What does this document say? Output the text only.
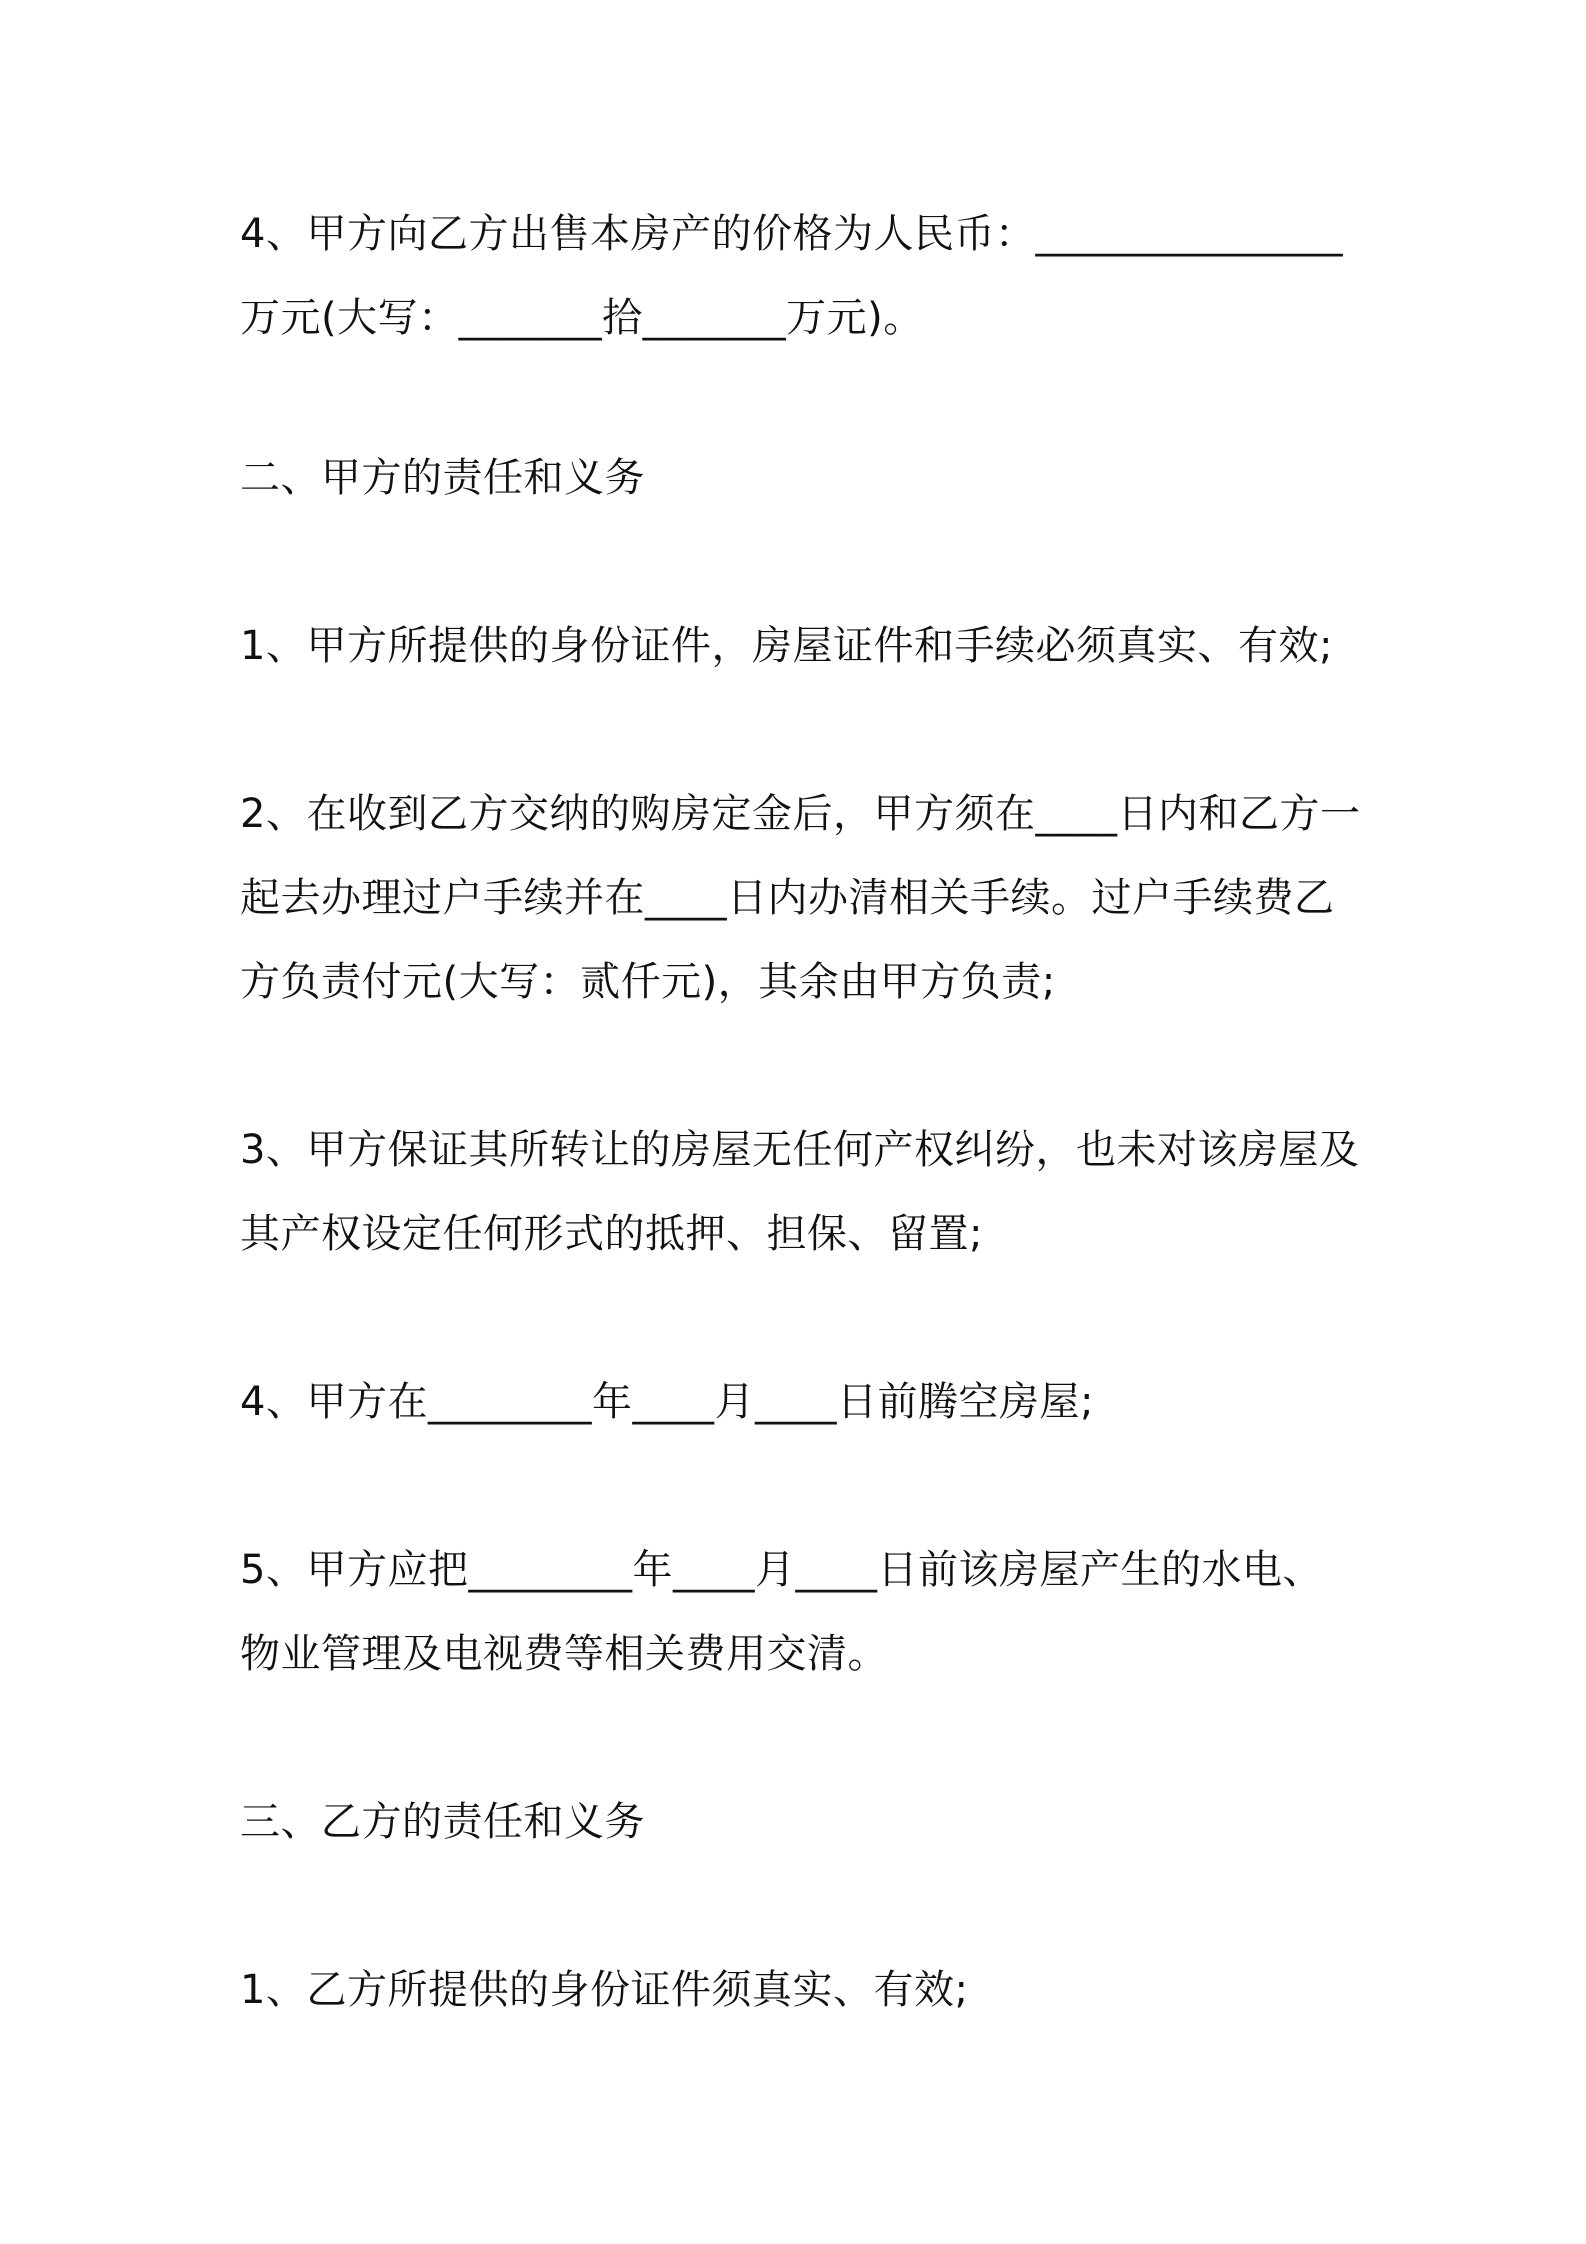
4、甲方向乙方出售本房产的价格为人民币：_______________
万元(大写：_______拾_______万元)。
二、甲方的责任和义务
1、甲方所提供的身份证件，房屋证件和手续必须真实、有效;
2、在收到乙方交纳的购房定金后，甲方须在____日内和乙方一
起去办理过户手续并在____日内办清相关手续。过户手续费乙
方负责付元(大写：贰仟元)，其余由甲方负责;
3、甲方保证其所转让的房屋无任何产权纠纷，也未对该房屋及
其产权设定任何形式的抵押、担保、留置;
4、甲方在________年____月____日前腾空房屋;
5、甲方应把________年____月____日前该房屋产生的水电、
物业管理及电视费等相关费用交清。
三、乙方的责任和义务
1、乙方所提供的身份证件须真实、有效;
